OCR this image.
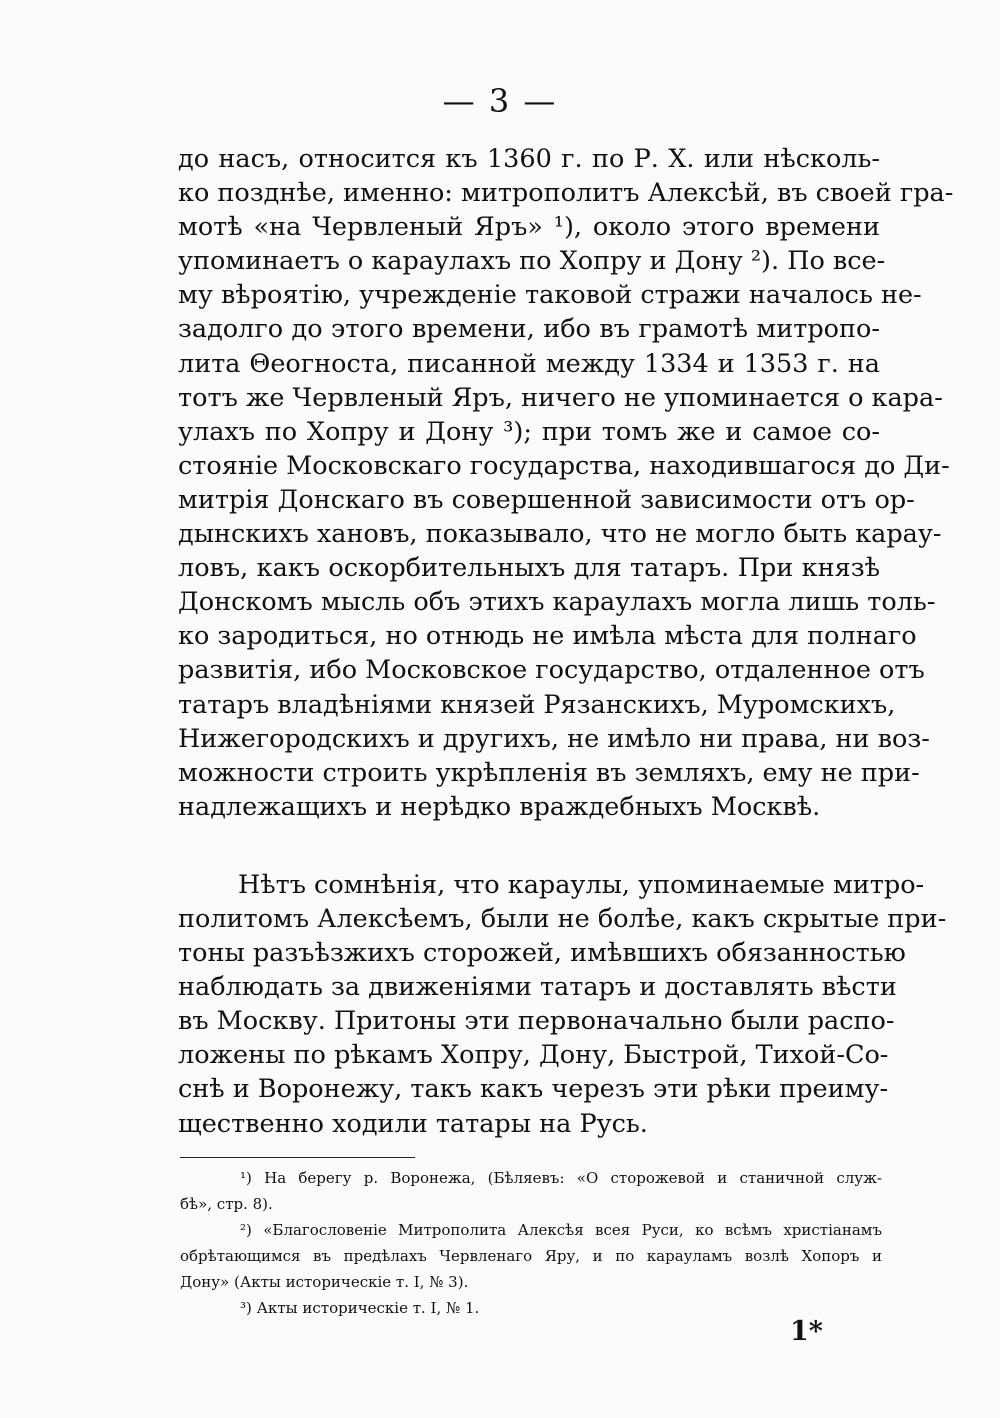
— 3 —
до насъ, относится къ 1360 г. по Р. Х. или нѣсколь-
ко позднѣе, именно: митрополитъ Алексѣй, въ своей гра-
мотѣ «на Червленый Яръ» ¹), около этого времени
упоминаетъ о караулахъ по Хопру и Дону ²). По все-
му вѣроятію, учрежденіе таковой стражи началось не-
задолго до этого времени, ибо въ грамотѣ митропо-
лита Θеогноста, писанной между 1334 и 1353 г. на
тотъ же Червленый Яръ, ничего не упоминается о кара-
улахъ по Хопру и Дону ³); при томъ же и самое со-
стояніе Московскаго государства, находившагося до Ди-
митрія Донскаго въ совершенной зависимости отъ ор-
дынскихъ хановъ, показывало, что не могло быть карау-
ловъ, какъ оскорбительныхъ для татаръ. При князѣ
Донскомъ мысль объ этихъ караулахъ могла лишь толь-
ко зародиться, но отнюдь не имѣла мѣста для полнаго
развитія, ибо Московское государство, отдаленное отъ
татаръ владѣніями князей Рязанскихъ, Муромскихъ,
Нижегородскихъ и другихъ, не имѣло ни права, ни воз-
можности строить укрѣпленія въ земляхъ, ему не при-
надлежащихъ и нерѣдко враждебныхъ Москвѣ.
Нѣтъ сомнѣнія, что караулы, упоминаемые митро-
политомъ Алексѣемъ, были не болѣе, какъ скрытые при-
тоны разъѣзжихъ сторожей, имѣвшихъ обязанностью
наблюдать за движеніями татаръ и доставлять вѣсти
въ Москву. Притоны эти первоначально были распо-
ложены по рѣкамъ Хопру, Дону, Быстрой, Тихой-Со-
снѣ и Воронежу, такъ какъ черезъ эти рѣки преиму-
щественно ходили татары на Русь.
¹) На берегу р. Воронежа, (Бѣляевъ: «О сторожевой и станичной служ-
бѣ», стр. 8).
²) «Благословеніе Митрополита Алексѣя всея Руси, ко всѣмъ христіанамъ
обрѣтающимся въ предѣлахъ Червленаго Яру, и по карауламъ возлѣ Хопоръ и
Дону» (Акты историческіе т. I, № 3).
³) Акты историческіе т. I, № 1.
1*
